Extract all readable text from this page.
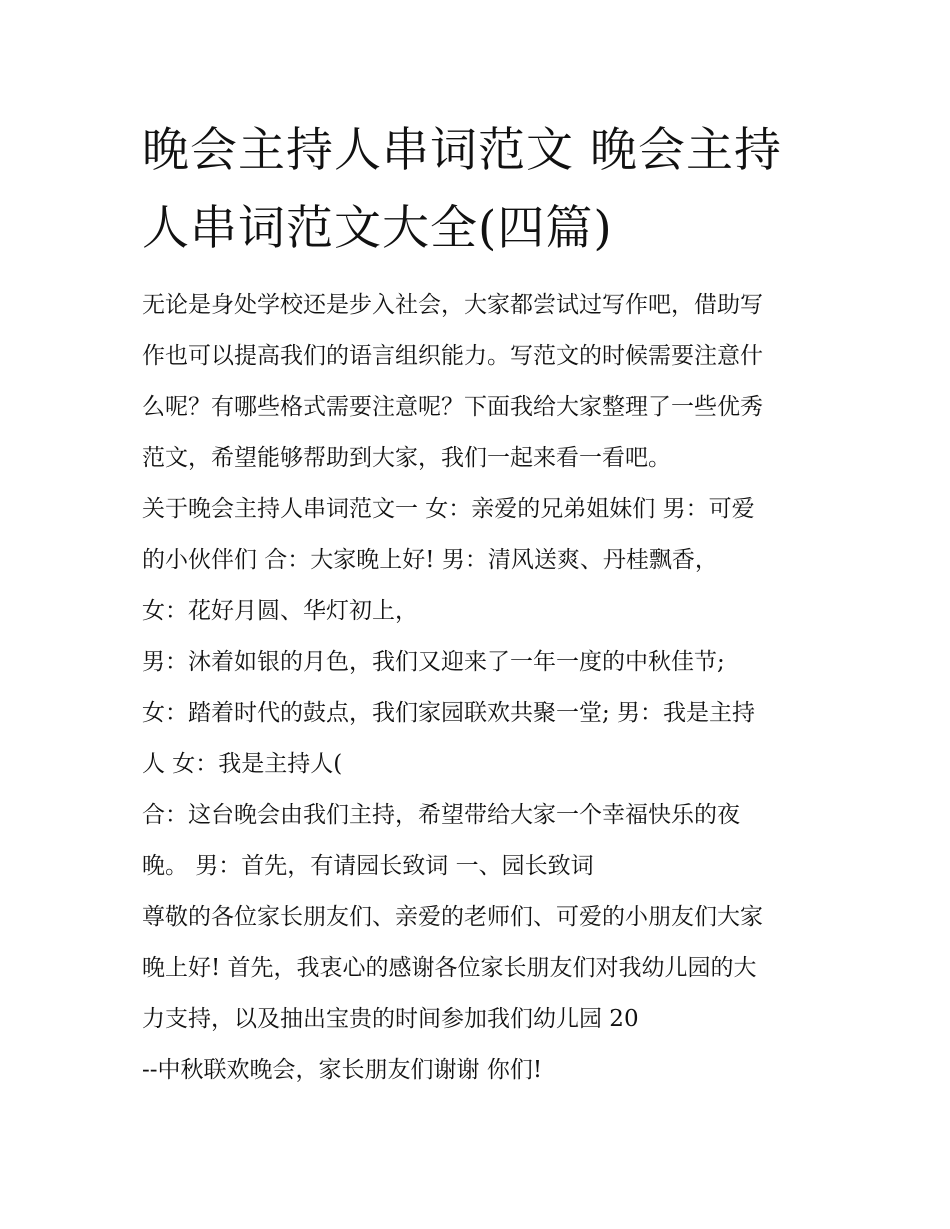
晚会主持人串词范文 晚会主持
人串词范文大全(四篇)
无论是身处学校还是步入社会，大家都尝试过写作吧，借助写
作也可以提高我们的语言组织能力。写范文的时候需要注意什
么呢？有哪些格式需要注意呢？下面我给大家整理了一些优秀
范文，希望能够帮助到大家，我们一起来看一看吧。
关于晚会主持人串词范文一 女：亲爱的兄弟姐妹们 男：可爱
的小伙伴们 合：大家晚上好! 男：清风送爽、丹桂飘香，
女：花好月圆、华灯初上，
男：沐着如银的月色，我们又迎来了一年一度的中秋佳节;
女：踏着时代的鼓点，我们家园联欢共聚一堂; 男：我是主持
人 女：我是主持人(
合：这台晚会由我们主持，希望带给大家一个幸福快乐的夜
晚。 男：首先，有请园长致词 一、园长致词
尊敬的各位家长朋友们、亲爱的老师们、可爱的小朋友们大家
晚上好! 首先，我衷心的感谢各位家长朋友们对我幼儿园的大
力支持，以及抽出宝贵的时间参加我们幼儿园 20
--中秋联欢晚会，家长朋友们谢谢 你们!
